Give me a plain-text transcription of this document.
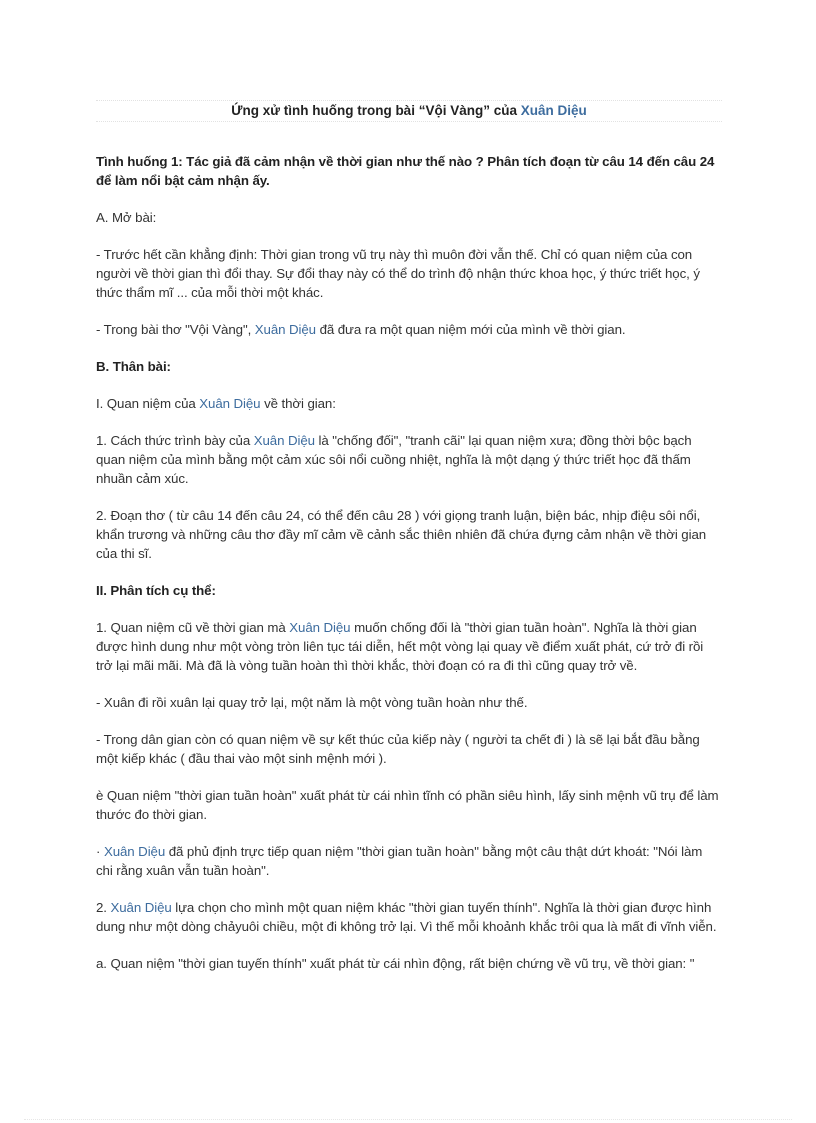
Ứng xử tình huống trong bài “Vội Vàng” của Xuân Diệu

Tình huống 1: Tác giả đã cảm nhận về thời gian như thế nào ? Phân tích đoạn từ câu 14 đến câu 24 để làm nổi bật cảm nhận ấy.

A. Mở bài:

- Trước hết cần khẳng định: Thời gian trong vũ trụ này thì muôn đời vẫn thế. Chỉ có quan niệm của con người về thời gian thì đổi thay. Sự đổi thay này có thể do trình độ nhận thức khoa học, ý thức triết học, ý thức thẩm mĩ ... của mỗi thời một khác.

- Trong bài thơ "Vội Vàng", Xuân Diệu đã đưa ra một quan niệm mới của mình về thời gian.

B. Thân bài:

I. Quan niệm của Xuân Diệu về thời gian:

1. Cách thức trình bày của Xuân Diệu là "chống đối", "tranh cãi" lại quan niệm xưa; đồng thời bộc bạch quan niệm của mình bằng một cảm xúc sôi nổi cuồng nhiệt, nghĩa là một dạng ý thức triết học đã thấm nhuần cảm xúc.

2. Đoạn thơ ( từ câu 14 đến câu 24, có thể đến câu 28 ) với giọng tranh luận, biện bác, nhịp điệu sôi nổi, khẩn trương và những câu thơ đầy mĩ cảm về cảnh sắc thiên nhiên đã chứa đựng cảm nhận về thời gian của thi sĩ.

II. Phân tích cụ thể:

1. Quan niệm cũ về thời gian mà Xuân Diệu muốn chống đối là "thời gian tuần hoàn". Nghĩa là thời gian được hình dung như một vòng tròn liên tục tái diễn, hết một vòng lại quay về điểm xuất phát, cứ trở đi rồi trở lại mãi mãi. Mà đã là vòng tuần hoàn thì thời khắc, thời đoạn có ra đi thì cũng quay trở về.

- Xuân đi rồi xuân lại quay trở lại, một năm là một vòng tuần hoàn như thế.

- Trong dân gian còn có quan niệm về sự kết thúc của kiếp này ( người ta chết đi ) là sẽ lại bắt đầu bằng một kiếp khác ( đầu thai vào một sinh mệnh mới ).

è Quan niệm "thời gian tuần hoàn" xuất phát từ cái nhìn tĩnh có phần siêu hình, lấy sinh mệnh vũ trụ để làm thước đo thời gian.

· Xuân Diệu đã phủ định trực tiếp quan niệm "thời gian tuần hoàn" bằng một câu thật dứt khoát: "Nói làm chi rằng xuân vẫn tuần hoàn".

2. Xuân Diệu lựa chọn cho mình một quan niệm khác "thời gian tuyến thính". Nghĩa là thời gian được hình dung như một dòng chảyuôi chiều, một đi không trở lại. Vì thế mỗi khoảnh khắc trôi qua là mất đi vĩnh viễn.

a. Quan niệm "thời gian tuyến thính" xuất phát từ cái nhìn động, rất biện chứng về vũ trụ, về thời gian: "
